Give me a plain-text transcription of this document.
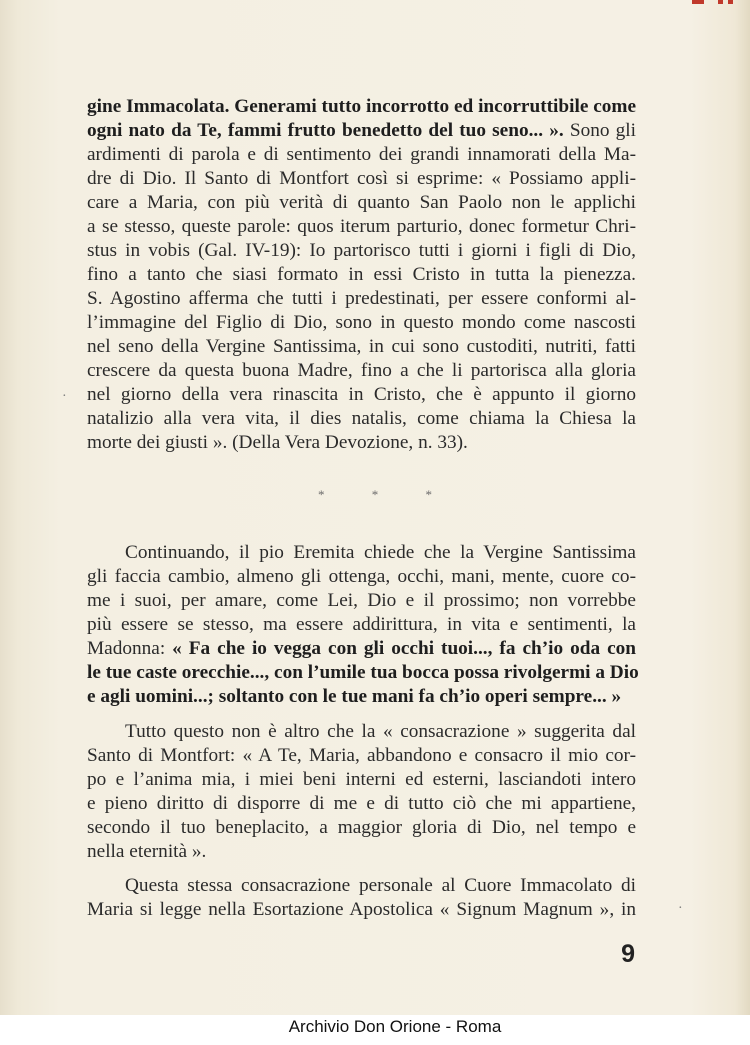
gine Immacolata. Generami tutto incorrotto ed incorruttibile come
ogni nato da Te, fammi frutto benedetto del tuo seno... ». Sono gli
ardimenti di parola e di sentimento dei grandi innamorati della Ma-
dre di Dio. Il Santo di Montfort così si esprime: « Possiamo appli-
care a Maria, con più verità di quanto San Paolo non le applichi
a se stesso, queste parole: quos iterum parturio, donec formetur Chri-
stus in vobis (Gal. IV-19): Io partorisco tutti i giorni i figli di Dio,
fino a tanto che siasi formato in essi Cristo in tutta la pienezza.
S. Agostino afferma che tutti i predestinati, per essere conformi al-
l’immagine del Figlio di Dio, sono in questo mondo come nascosti
nel seno della Vergine Santissima, in cui sono custoditi, nutriti, fatti
crescere da questa buona Madre, fino a che li partorisca alla gloria
nel giorno della vera rinascita in Cristo, che è appunto il giorno
natalizio alla vera vita, il dies natalis, come chiama la Chiesa la
morte dei giusti ». (Della Vera Devozione, n. 33).
* * *
Continuando, il pio Eremita chiede che la Vergine Santissima
gli faccia cambio, almeno gli ottenga, occhi, mani, mente, cuore co-
me i suoi, per amare, come Lei, Dio e il prossimo; non vorrebbe
più essere se stesso, ma essere addirittura, in vita e sentimenti, la
Madonna: « Fa che io vegga con gli occhi tuoi..., fa ch’io oda con
le tue caste orecchie..., con l’umile tua bocca possa rivolgermi a Dio
e agli uomini...; soltanto con le tue mani fa ch’io operi sempre... »
Tutto questo non è altro che la « consacrazione » suggerita dal
Santo di Montfort: « A Te, Maria, abbandono e consacro il mio cor-
po e l’anima mia, i miei beni interni ed esterni, lasciandoti intero
e pieno diritto di disporre di me e di tutto ciò che mi appartiene,
secondo il tuo beneplacito, a maggior gloria di Dio, nel tempo e
nella eternità ».
Questa stessa consacrazione personale al Cuore Immacolato di
Maria si legge nella Esortazione Apostolica « Signum Magnum », in
·
·
9
Archivio Don Orione - Roma
